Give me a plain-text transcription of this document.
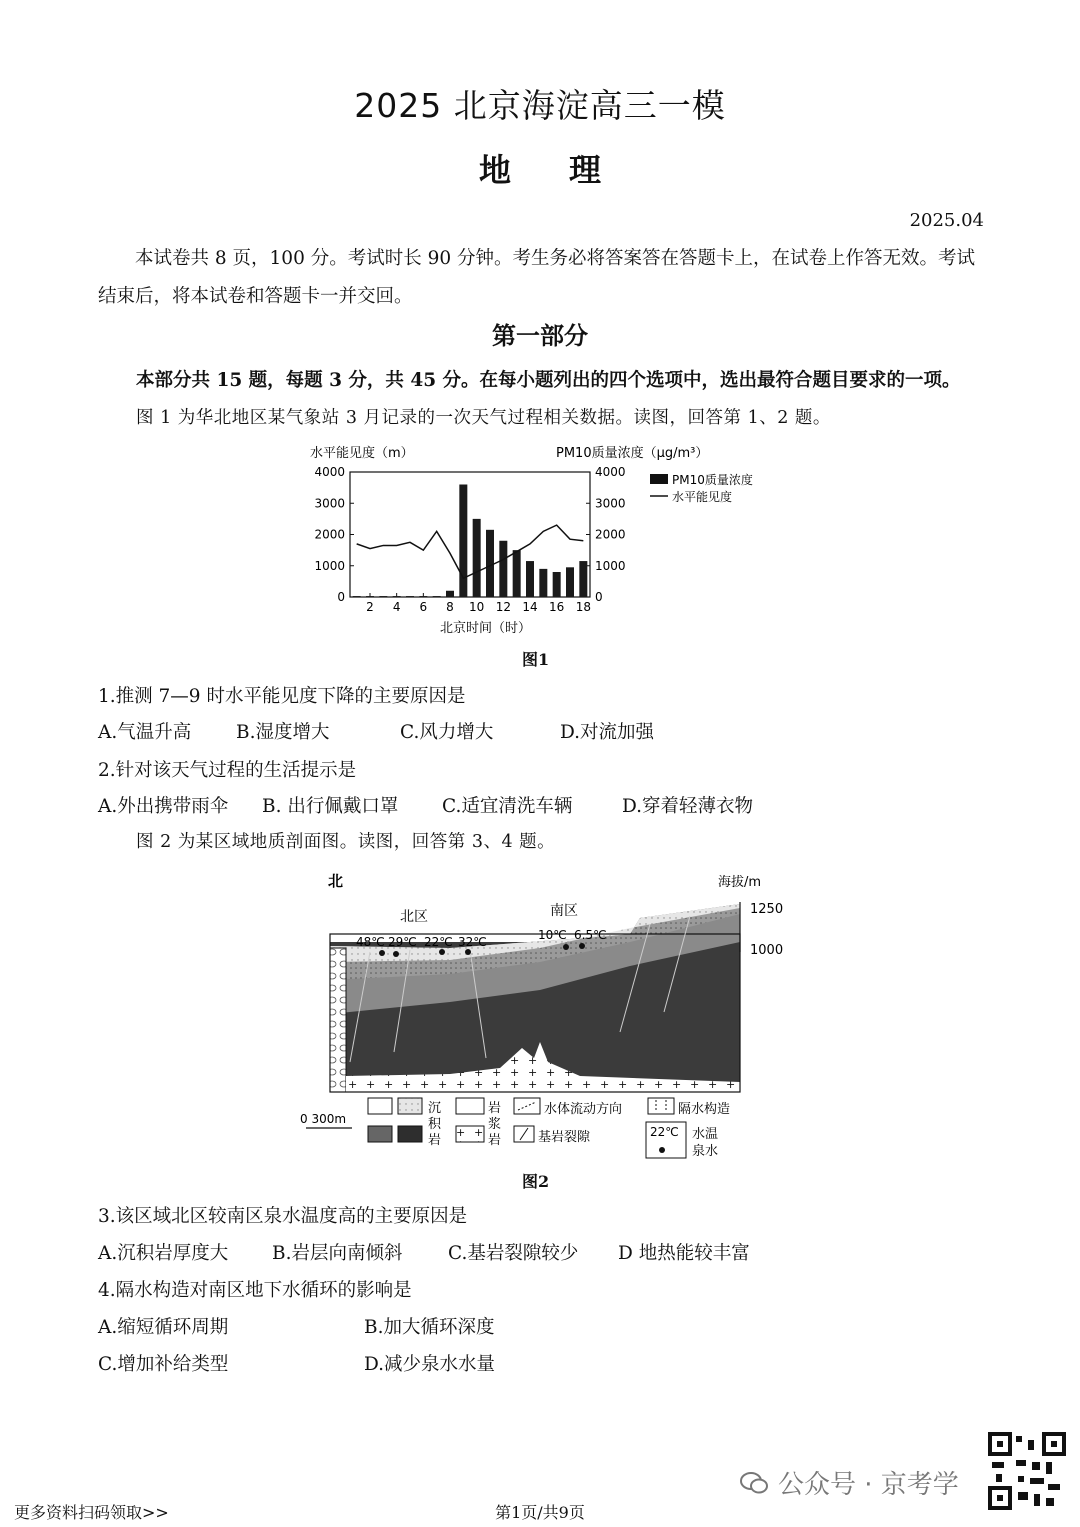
2025 北京海淀高三一模
地理
2025.04

本试卷共 8 页，100 分。考试时长 90 分钟。考生务必将答案答在答题卡上，在试卷上作答无效。考试结束后，将本试卷和答题卡一并交回。

第一部分
本部分共 15 题，每题 3 分，共 45 分。在每小题列出的四个选项中，选出最符合题目要求的一项。
图 1 为华北地区某气象站 3 月记录的一次天气过程相关数据。读图，回答第 1、2 题。
水平能见度（m）	PM10质量浓度（μg/m³）
0	0
1000	1000
2000	2000
3000	3000
4000	4000
2 4 6 8 10 12 14 16 18
PM10质量浓度
水平能见度
北京时间（时）
图1
1.推测 7—9 时水平能见度下降的主要原因是
A.气温升高 B.湿度增大	C.风力增大	D.对流加强
2.针对该天气过程的生活提示是
A.外出携带雨伞 B. 出行佩戴口罩 C.适宜清洗车辆	D.穿着轻薄衣物
图 2 为某区域地质剖面图。读图，回答第 3、4 题。
北	海拔/m
1250
1000
北区	南区
48℃ 29℃ 22℃ 32℃	10℃ 6.5℃
0 300m
沉
积
岩
岩
浆
岩
水体流动方向
基岩裂隙
隔水构造
22℃ 水温
泉水
图2
3.该区域北区较南区泉水温度高的主要原因是
A.沉积岩厚度大 B.岩层向南倾斜 C.基岩裂隙较少 D 地热能较丰富
4.隔水构造对南区地下水循环的影响是
A.缩短循环周期	B.加大循环深度
C.增加补给类型	D.减少泉水水量
公众号 · 京考学
更多资料扫码领取>>	第1页/共9页
